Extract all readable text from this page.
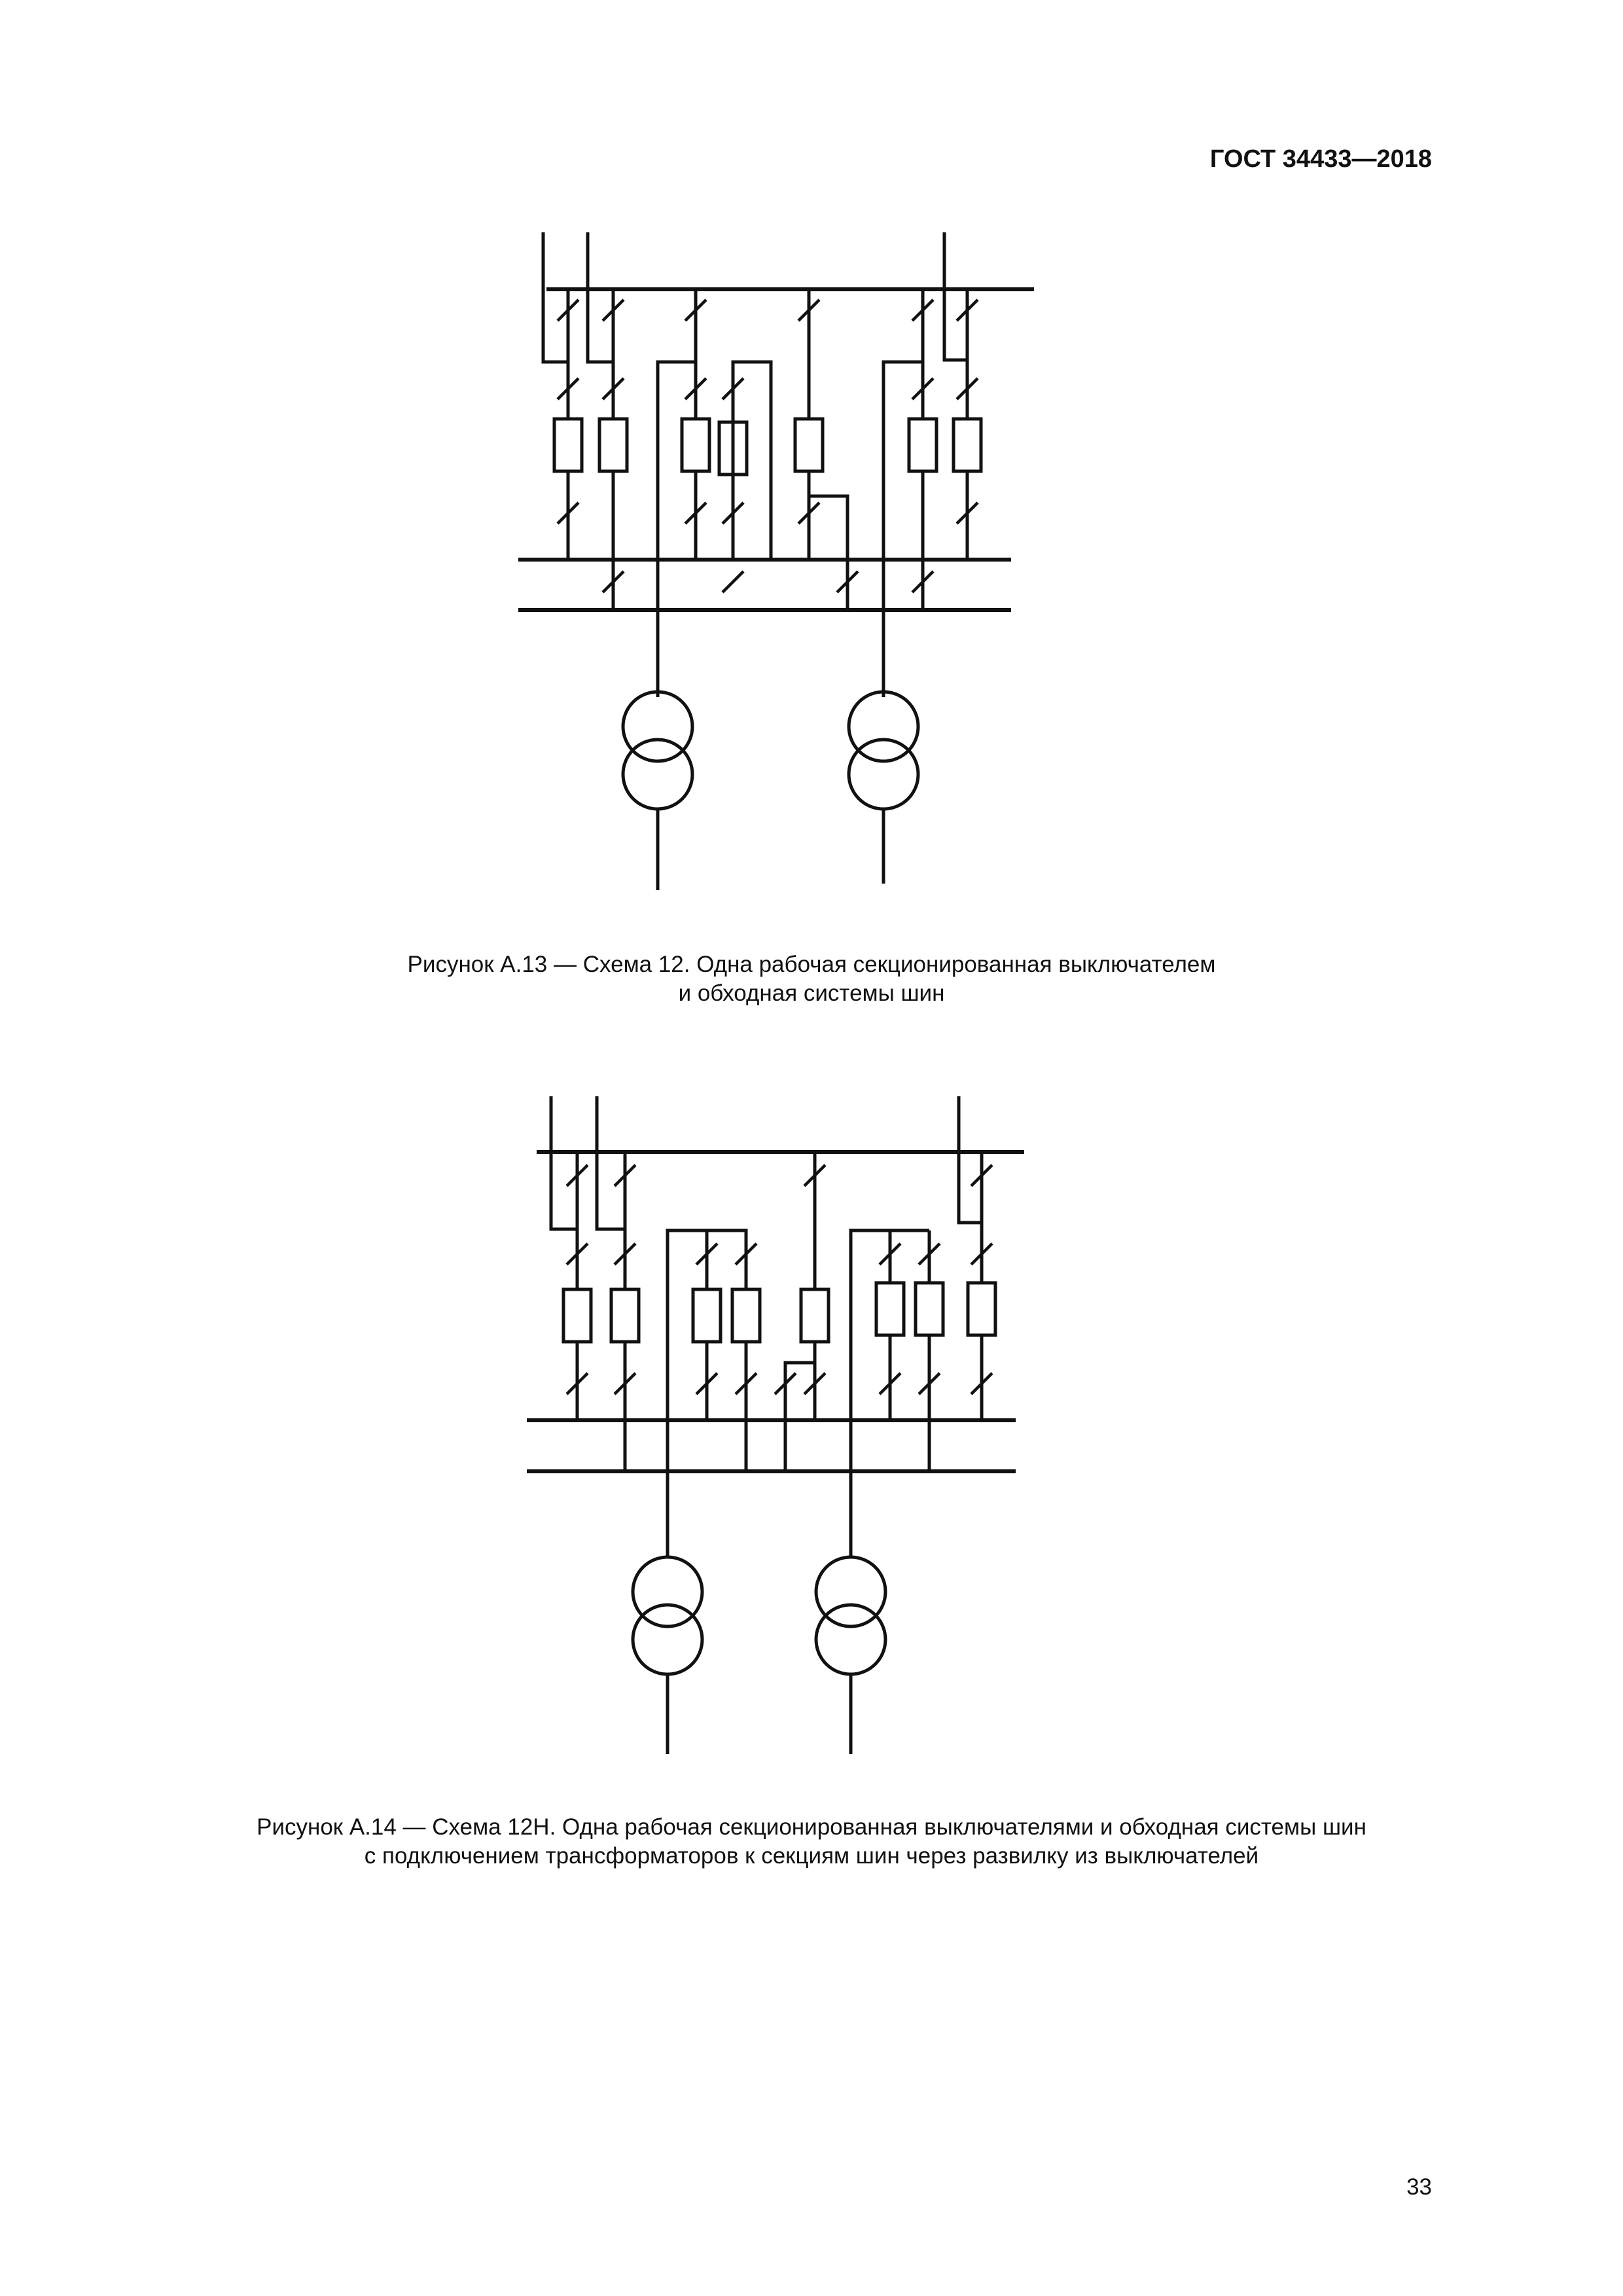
ГОСТ 34433—2018
Рисунок А.13 — Схема 12. Одна рабочая секционированная выключателем
и обходная системы шин
Рисунок А.14 — Схема 12Н. Одна рабочая секционированная выключателями и обходная системы шин
с подключением трансформаторов к секциям шин через развилку из выключателей
33
